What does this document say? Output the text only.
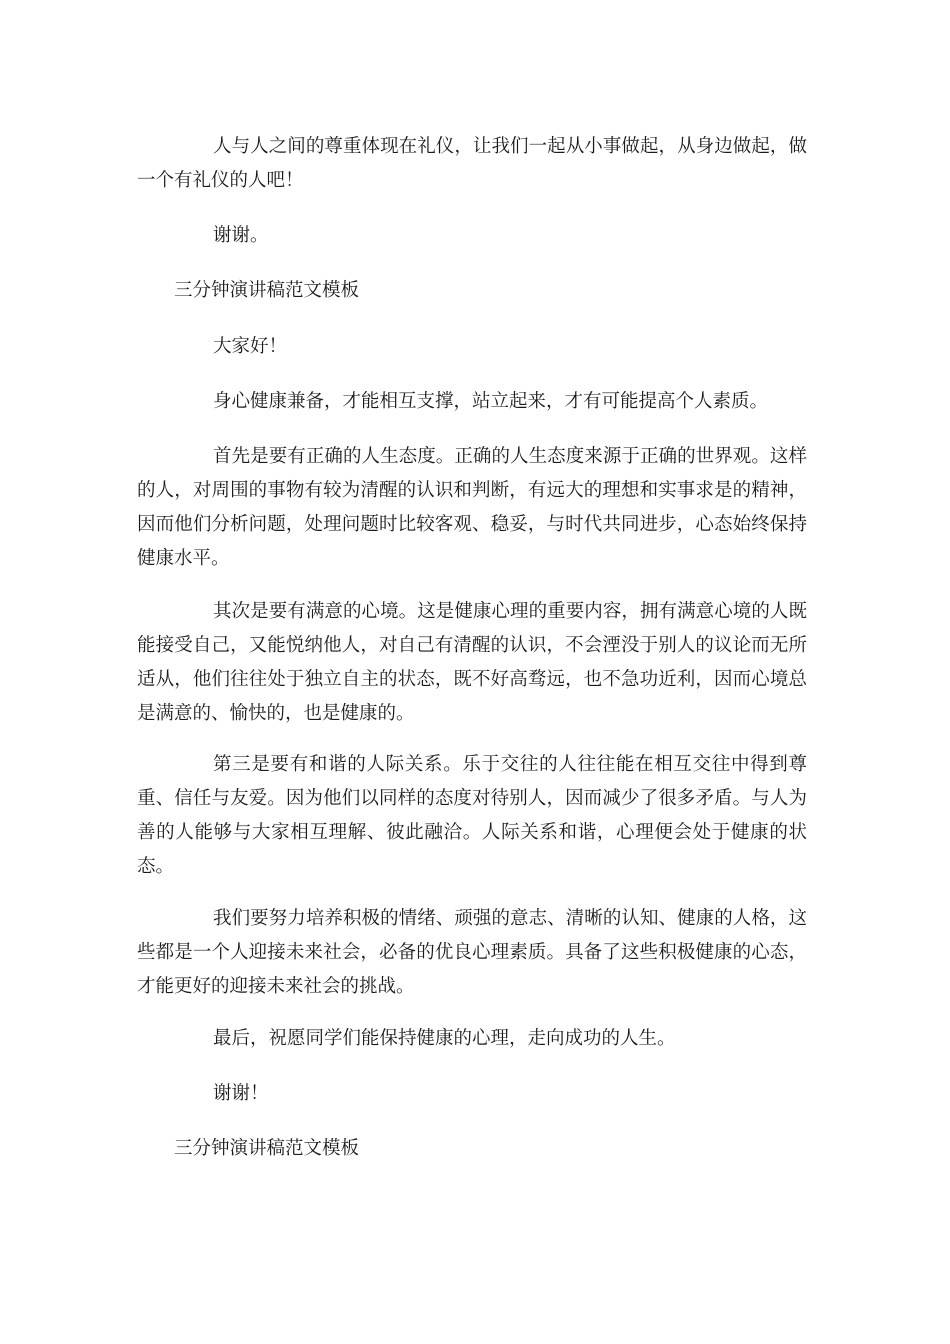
人与人之间的尊重体现在礼仪，让我们一起从小事做起，从身边做起，做一个有礼仪的人吧！

谢谢。

三分钟演讲稿范文模板

大家好！

身心健康兼备，才能相互支撑，站立起来，才有可能提高个人素质。

首先是要有正确的人生态度。正确的人生态度来源于正确的世界观。这样的人，对周围的事物有较为清醒的认识和判断，有远大的理想和实事求是的精神，因而他们分析问题，处理问题时比较客观、稳妥，与时代共同进步，心态始终保持健康水平。

其次是要有满意的心境。这是健康心理的重要内容，拥有满意心境的人既能接受自己，又能悦纳他人，对自己有清醒的认识，不会湮没于别人的议论而无所适从，他们往往处于独立自主的状态，既不好高骛远，也不急功近利，因而心境总是满意的、愉快的，也是健康的。

第三是要有和谐的人际关系。乐于交往的人往往能在相互交往中得到尊重、信任与友爱。因为他们以同样的态度对待别人，因而减少了很多矛盾。与人为善的人能够与大家相互理解、彼此融洽。人际关系和谐，心理便会处于健康的状态。

我们要努力培养积极的情绪、顽强的意志、清晰的认知、健康的人格，这些都是一个人迎接未来社会，必备的优良心理素质。具备了这些积极健康的心态，才能更好的迎接未来社会的挑战。

最后，祝愿同学们能保持健康的心理，走向成功的人生。

谢谢！

三分钟演讲稿范文模板
